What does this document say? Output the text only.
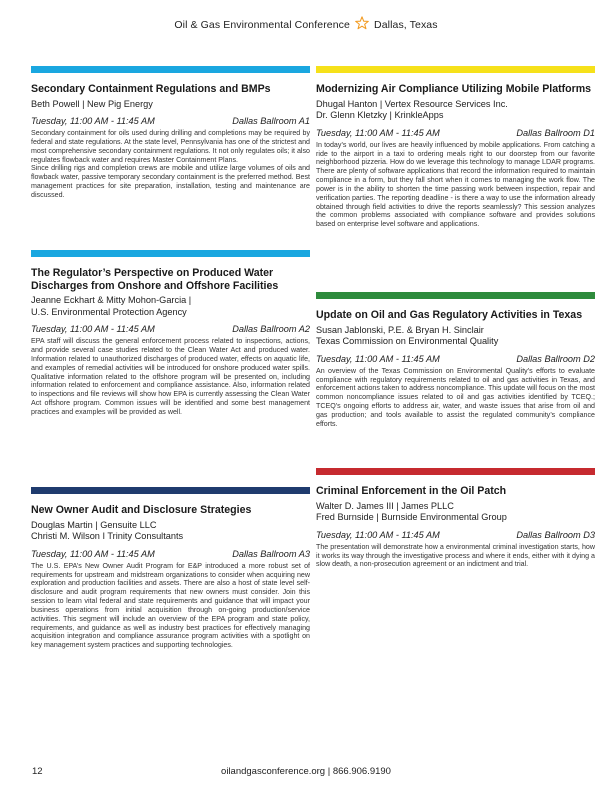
Oil & Gas Environmental Conference Dallas, Texas
Secondary Containment Regulations and BMPs
Beth Powell | New Pig Energy
Tuesday, 11:00 AM - 11:45 AM	Dallas Ballroom A1

Secondary containment for oils used during drilling and completions may be required by federal and state regulations. At the state level, Pennsylvania has one of the strictest and most comprehensive secondary containment regulations. It not only regulates oils; it also regulates flowback water and requires Master Containment Plans.

Since drilling rigs and completion crews are mobile and utilize large volumes of oils and flowback water, passive temporary secondary containment is the preferred method. Best management practices for site preparation, installation, testing and maintenance are discussed.

The Regulator’s Perspective on Produced Water Discharges from Onshore and Offshore Facilities
Jeanne Eckhart & Mitty Mohon-Garcia |
U.S. Environmental Protection Agency
Tuesday, 11:00 AM - 11:45 AM	Dallas Ballroom A2

EPA staff will discuss the general enforcement process related to inspections, actions, and provide several case studies related to the Clean Water Act and produced water. Information related to unauthorized discharges of produced water, effects on aquatic life, and examples of remedial activities will be introduced for onshore produced water spills. Qualitative information related to the offshore program will be presented on, including information related to enforcement and compliance assistance. Also, information related to inspections and file reviews will show how EPA is currently assessing the Clean Water Act offshore program. Common issues will be identified and some best management practices and examples will be provided as well.

New Owner Audit and Disclosure Strategies
Douglas Martin | Gensuite LLC
Christi M. Wilson I Trinity Consultants
Tuesday, 11:00 AM - 11:45 AM	Dallas Ballroom A3

The U.S. EPA’s New Owner Audit Program for E&P introduced a more robust set of requirements for upstream and midstream organizations to consider when acquiring new exploration and production facilities and assets. There are also a host of state level self-disclosure and audit program requirements that new owners must consider. Join this session to learn vital federal and state requirements and guidance that will impact your business operations from initial acquisition through on-going production/service activities. This segment will include an overview of the EPA program and state policy, requirements, and guidance as well as industry best practices for effectively managing acquisition integration and compliance assurance program activities with a spotlight on key management system practices and supporting technologies.

Modernizing Air Compliance Utilizing Mobile Platforms
Dhugal Hanton | Vertex Resource Services Inc.
Dr. Glenn Kletzky | KrinkleApps
Tuesday, 11:00 AM - 11:45 AM	Dallas Ballroom D1

In today’s world, our lives are heavily influenced by mobile applications. From catching a ride to the airport in a taxi to ordering meals right to our doorstep from our favorite neighborhood pizzeria. How do we leverage this technology to manage LDAR programs. There are plenty of software applications that record the information required to maintain compliance in a form, but they fall short when it comes to managing the work flow. The power is in the ability to shorten the time passing work between inspection, repair and verification parties. The reporting deadline - is there a way to use the information already obtained through field activities to drive the reports seamlessly? This session analyzes the common problems associated with compliance software and provides solutions based on enterprise level software and applications.

Update on Oil and Gas Regulatory Activities in Texas
Susan Jablonski, P.E. & Bryan H. Sinclair
Texas Commission on Environmental Quality
Tuesday, 11:00 AM - 11:45 AM	Dallas Ballroom D2

An overview of the Texas Commission on Environmental Quality’s efforts to evaluate compliance with regulatory requirements related to oil and gas activities in Texas, and enforcement actions taken to address noncompliance. This update will focus on the most common noncompliance issues related to oil and gas activities identified by TCEQ.; TCEQ’s ongoing efforts to address air, water, and waste issues that arise from oil and gas production; and tools available to assist the regulated community’s compliance efforts.

Criminal Enforcement in the Oil Patch
Walter D. James III | James PLLC
Fred Burnside | Burnside Environmental Group
Tuesday, 11:00 AM - 11:45 AM	Dallas Ballroom D3

The presentation will demonstrate how a environmental criminal investigation starts, how it works its way through the investigative process and where it ends, either with it dying a slow death, a non-prosecution agreement or an indictment and trial.

12	oilandgasconference.org | 866.906.9190
